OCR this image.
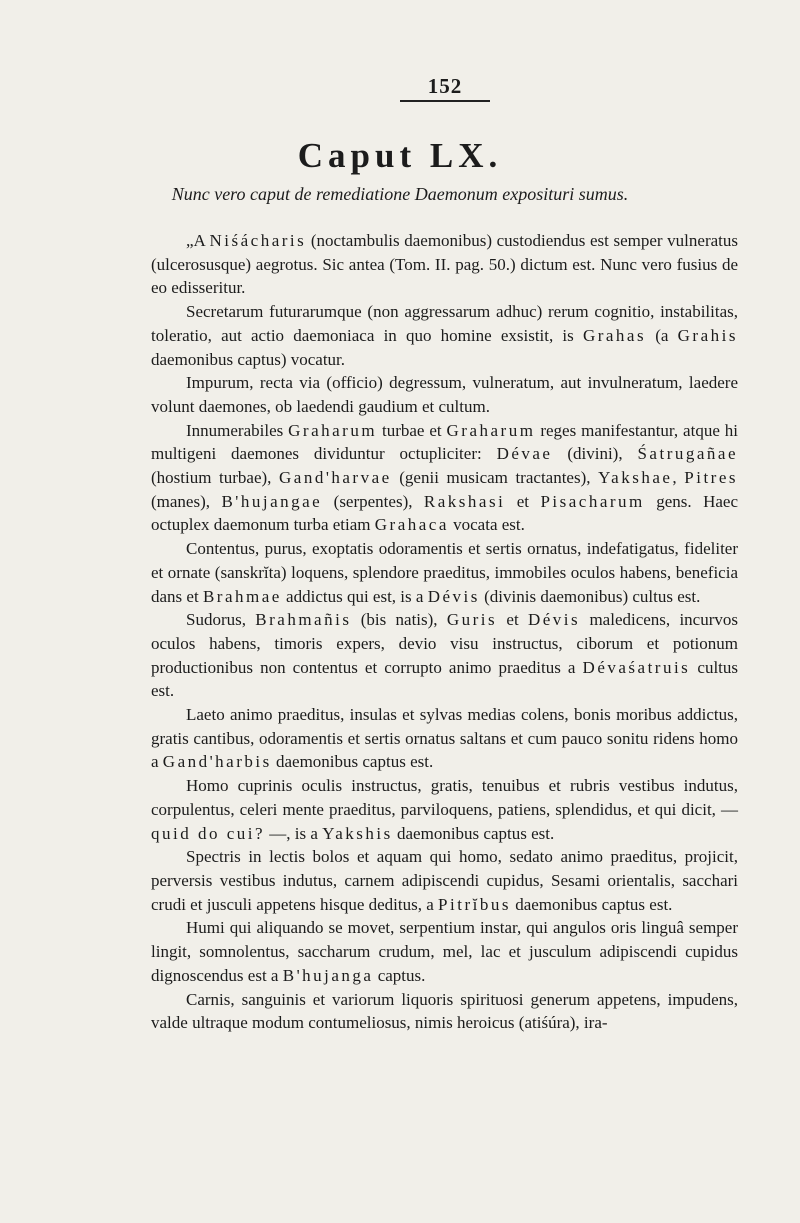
152
Caput LX.
Nunc vero caput de remediatione Daemonum exposituri sumus.

„A Niśácharis (noctambulis daemonibus) custodiendus est semper vulneratus (ulcerosusque) aegrotus. Sic antea (Tom. II. pag. 50.) dictum est. Nunc vero fusius de eo edisseritur.

Secretarum futurarumque (non aggressarum adhuc) rerum cognitio, instabilitas, toleratio, aut actio daemoniaca in quo homine exsistit, is Grahas (a Grahis daemonibus captus) vocatur.

Impurum, recta via (officio) degressum, vulneratum, aut invulneratum, laedere volunt daemones, ob laedendi gaudium et cultum.

Innumerabiles Graharum turbae et Graharum reges manifestantur, atque hi multigeni daemones dividuntur octupliciter: Dévae (divini), Śatrugañae (hostium turbae), Gand'harvae (genii musicam tractantes), Yakshae, Pitres (manes), B'hujangae (serpentes), Rakshasi et Pisacharum gens. Haec octuplex daemonum turba etiam Grahaca vocata est.

Contentus, purus, exoptatis odoramentis et sertis ornatus, indefatigatus, fideliter et ornate (sanskrĭta) loquens, splendore praeditus, immobiles oculos habens, beneficia dans et Brahmae addictus qui est, is a Dévis (divinis daemonibus) cultus est.

Sudorus, Brahmañis (bis natis), Guris et Dévis maledicens, incurvos oculos habens, timoris expers, devio visu instructus, ciborum et potionum productionibus non contentus et corrupto animo praeditus a Dévaśatruis cultus est.

Laeto animo praeditus, insulas et sylvas medias colens, bonis moribus addictus, gratis cantibus, odoramentis et sertis ornatus saltans et cum pauco sonitu ridens homo a Gand'harbis daemonibus captus est.

Homo cuprinis oculis instructus, gratis, tenuibus et rubris vestibus indutus, corpulentus, celeri mente praeditus, parviloquens, patiens, splendidus, et qui dicit, — quid do cui? —, is a Yakshis daemonibus captus est.

Spectris in lectis bolos et aquam qui homo, sedato animo praeditus, projicit, perversis vestibus indutus, carnem adipiscendi cupidus, Sesami orientalis, sacchari crudi et jusculi appetens hisque deditus, a Pitrĭbus daemonibus captus est.

Humi qui aliquando se movet, serpentium instar, qui angulos oris linguâ semper lingit, somnolentus, saccharum crudum, mel, lac et jusculum adipiscendi cupidus dignoscendus est a B'hujanga captus.

Carnis, sanguinis et variorum liquoris spirituosi generum appetens, impudens, valde ultraque modum contumeliosus, nimis heroicus (atiśúra), ira-
